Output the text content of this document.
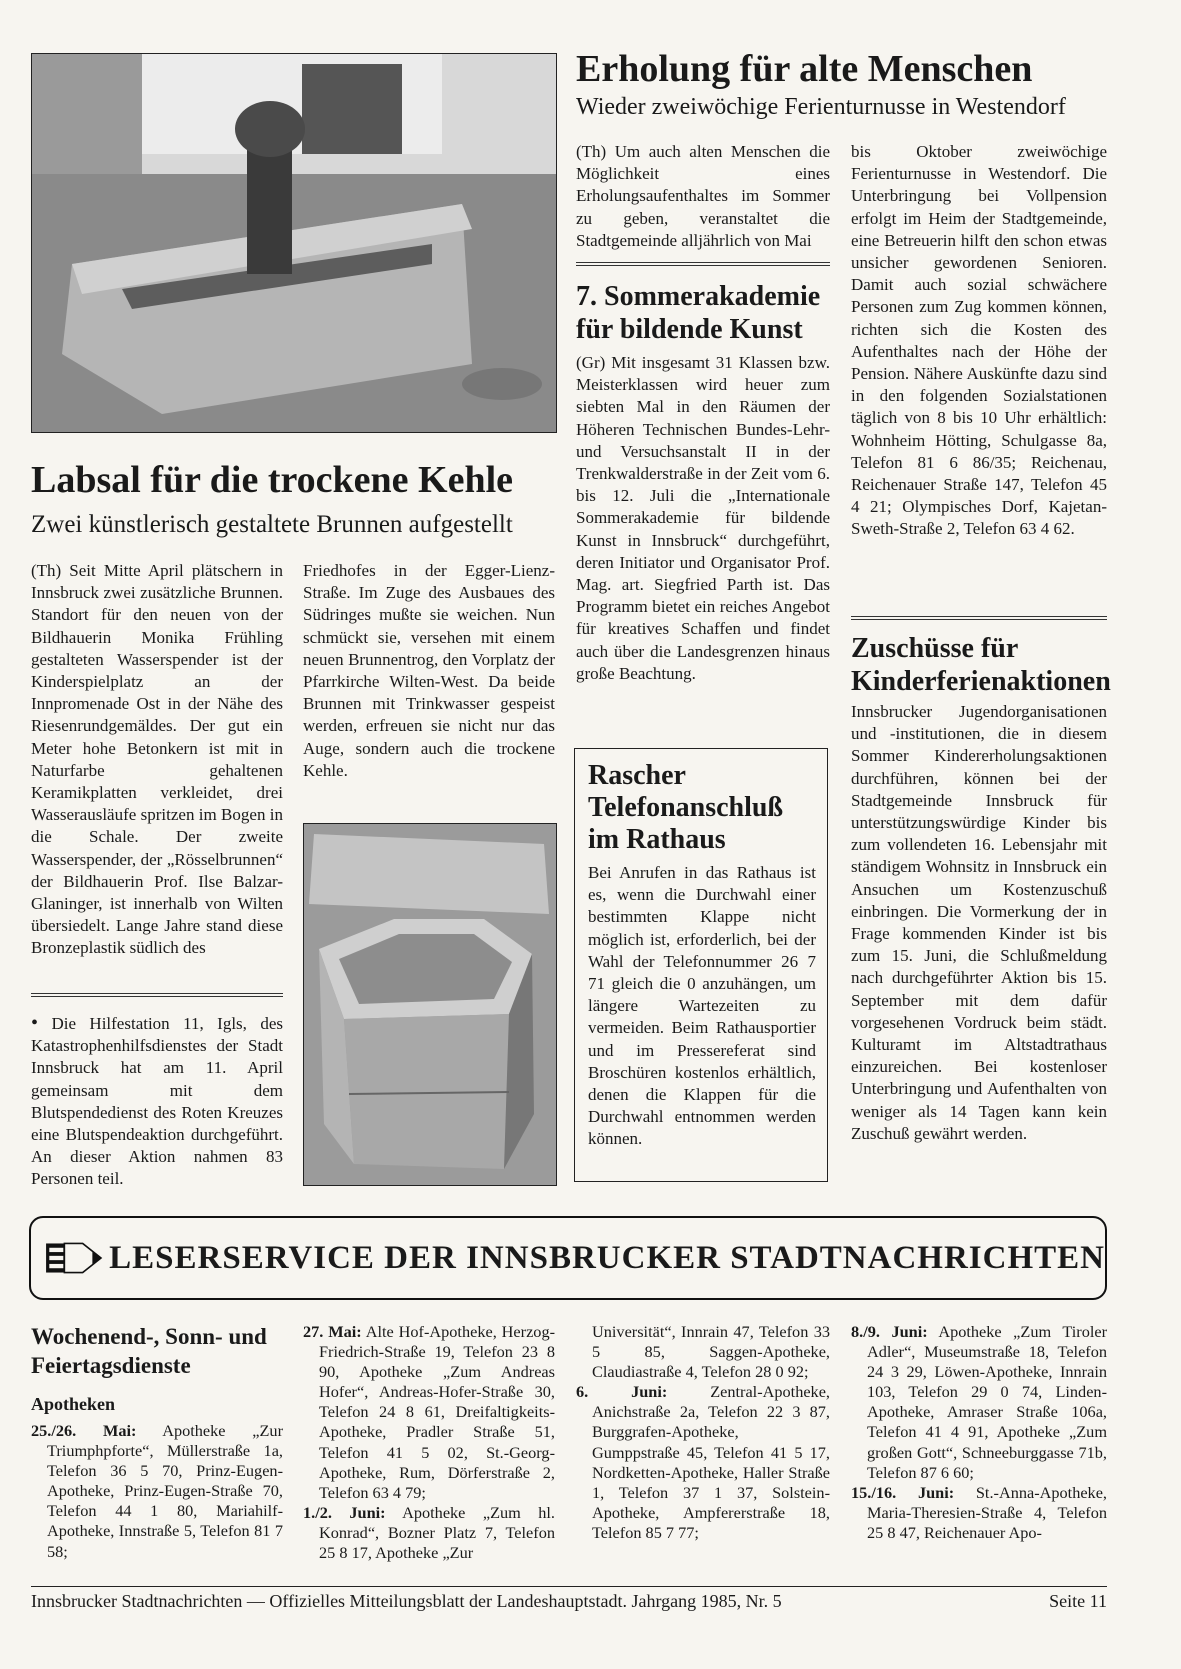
Labsal für die trockene Kehle
Zwei künstlerisch gestaltete Brunnen aufgestellt
(Th) Seit Mitte April plätschern in Innsbruck zwei zusätzliche Brunnen. Standort für den neuen von der Bildhauerin Monika Frühling gestalteten Wasserspender ist der Kinderspielplatz an der Innpromenade Ost in der Nähe des Riesenrundgemäldes. Der gut ein Meter hohe Betonkern ist mit in Naturfarbe gehaltenen Keramikplatten verkleidet, drei Wasserausläufe spritzen im Bogen in die Schale. Der zweite Wasserspender, der „Rösselbrunnen“ der Bildhauerin Prof. Ilse Balzar-Glaninger, ist innerhalb von Wilten übersiedelt. Lange Jahre stand diese Bronzeplastik südlich des
Friedhofes in der Egger-Lienz-Straße. Im Zuge des Ausbaues des Südringes mußte sie weichen. Nun schmückt sie, versehen mit einem neuen Brunnentrog, den Vorplatz der Pfarrkirche Wilten-West. Da beide Brunnen mit Trinkwasser gespeist werden, erfreuen sie nicht nur das Auge, sondern auch die trockene Kehle.
• Die Hilfestation 11, Igls, des Katastrophenhilfsdienstes der Stadt Innsbruck hat am 11. April gemeinsam mit dem Blutspendedienst des Roten Kreuzes eine Blutspendeaktion durchgeführt. An dieser Aktion nahmen 83 Personen teil.
Erholung für alte Menschen
Wieder zweiwöchige Ferienturnusse in Westendorf
(Th) Um auch alten Menschen die Möglichkeit eines Erholungsaufenthaltes im Sommer zu geben, veranstaltet die Stadtgemeinde alljährlich von Mai
bis Oktober zweiwöchige Ferienturnusse in Westendorf. Die Unterbringung bei Vollpension erfolgt im Heim der Stadtgemeinde, eine Betreuerin hilft den schon etwas unsicher gewordenen Senioren. Damit auch sozial schwächere Personen zum Zug kommen können, richten sich die Kosten des Aufenthaltes nach der Höhe der Pension. Nähere Auskünfte dazu sind in den folgenden Sozialstationen täglich von 8 bis 10 Uhr erhältlich: Wohnheim Hötting, Schulgasse 8a, Telefon 81 6 86/35; Reichenau, Reichenauer Straße 147, Telefon 45 4 21; Olympisches Dorf, Kajetan-Sweth-Straße 2, Telefon 63 4 62.
7. Sommerakademie für bildende Kunst
(Gr) Mit insgesamt 31 Klassen bzw. Meisterklassen wird heuer zum siebten Mal in den Räumen der Höheren Technischen Bundes-Lehr- und Versuchsanstalt II in der Trenkwalderstraße in der Zeit vom 6. bis 12. Juli die „Internationale Sommerakademie für bildende Kunst in Innsbruck“ durchgeführt, deren Initiator und Organisator Prof. Mag. art. Siegfried Parth ist. Das Programm bietet ein reiches Angebot für kreatives Schaffen und findet auch über die Landesgrenzen hinaus große Beachtung.
Rascher Telefonanschluß im Rathaus
Bei Anrufen in das Rathaus ist es, wenn die Durchwahl einer bestimmten Klappe nicht möglich ist, erforderlich, bei der Wahl der Telefonnummer 26 7 71 gleich die 0 anzuhängen, um längere Wartezeiten zu vermeiden. Beim Rathausportier und im Pressereferat sind Broschüren kostenlos erhältlich, denen die Klappen für die Durchwahl entnommen werden können.
Zuschüsse für Kinderferienaktionen
Innsbrucker Jugendorganisationen und -institutionen, die in diesem Sommer Kindererholungsaktionen durchführen, können bei der Stadtgemeinde Innsbruck für unterstützungswürdige Kinder bis zum vollendeten 16. Lebensjahr mit ständigem Wohnsitz in Innsbruck ein Ansuchen um Kostenzuschuß einbringen. Die Vormerkung der in Frage kommenden Kinder ist bis zum 15. Juni, die Schlußmeldung nach durchgeführter Aktion bis 15. September mit dem dafür vorgesehenen Vordruck beim städt. Kulturamt im Altstadtrathaus einzureichen. Bei kostenloser Unterbringung und Aufenthalten von weniger als 14 Tagen kann kein Zuschuß gewährt werden.
LESERSERVICE DER INNSBRUCKER STADTNACHRICHTEN
Wochenend-, Sonn- und Feiertagsdienste
Apotheken

25./26. Mai: Apotheke „Zur Triumphpforte“, Müllerstraße 1a, Telefon 36 5 70, Prinz-Eugen-Apotheke, Prinz-Eugen-Straße 70, Telefon 44 1 80, Mariahilf-Apotheke, Innstraße 5, Telefon 81 7 58;

27. Mai: Alte Hof-Apotheke, Herzog-Friedrich-Straße 19, Telefon 23 8 90, Apotheke „Zum Andreas Hofer“, Andreas-Hofer-Straße 30, Telefon 24 8 61, Dreifaltigkeits-Apotheke, Pradler Straße 51, Telefon 41 5 02, St.-Georg-Apotheke, Rum, Dörferstraße 2, Telefon 63 4 79;

1./2. Juni: Apotheke „Zum hl. Konrad“, Bozner Platz 7, Telefon 25 8 17, Apotheke „Zur

Universität“, Innrain 47, Telefon 33 5 85, Saggen-Apotheke, Claudiastraße 4, Telefon 28 0 92;

6. Juni: Zentral-Apotheke, Anichstraße 2a, Telefon 22 3 87, Burggrafen-Apotheke, Gumppstraße 45, Telefon 41 5 17, Nordketten-Apotheke, Haller Straße 1, Telefon 37 1 37, Solstein-Apotheke, Ampfererstraße 18, Telefon 85 7 77;

8./9. Juni: Apotheke „Zum Tiroler Adler“, Museumstraße 18, Telefon 24 3 29, Löwen-Apotheke, Innrain 103, Telefon 29 0 74, Linden-Apotheke, Amraser Straße 106a, Telefon 41 4 91, Apotheke „Zum großen Gott“, Schneeburggasse 71b, Telefon 87 6 60;

15./16. Juni: St.-Anna-Apotheke, Maria-Theresien-Straße 4, Telefon 25 8 47, Reichenauer Apo-

Innsbrucker Stadtnachrichten — Offizielles Mitteilungsblatt der Landeshauptstadt. Jahrgang 1985, Nr. 5	Seite 11
